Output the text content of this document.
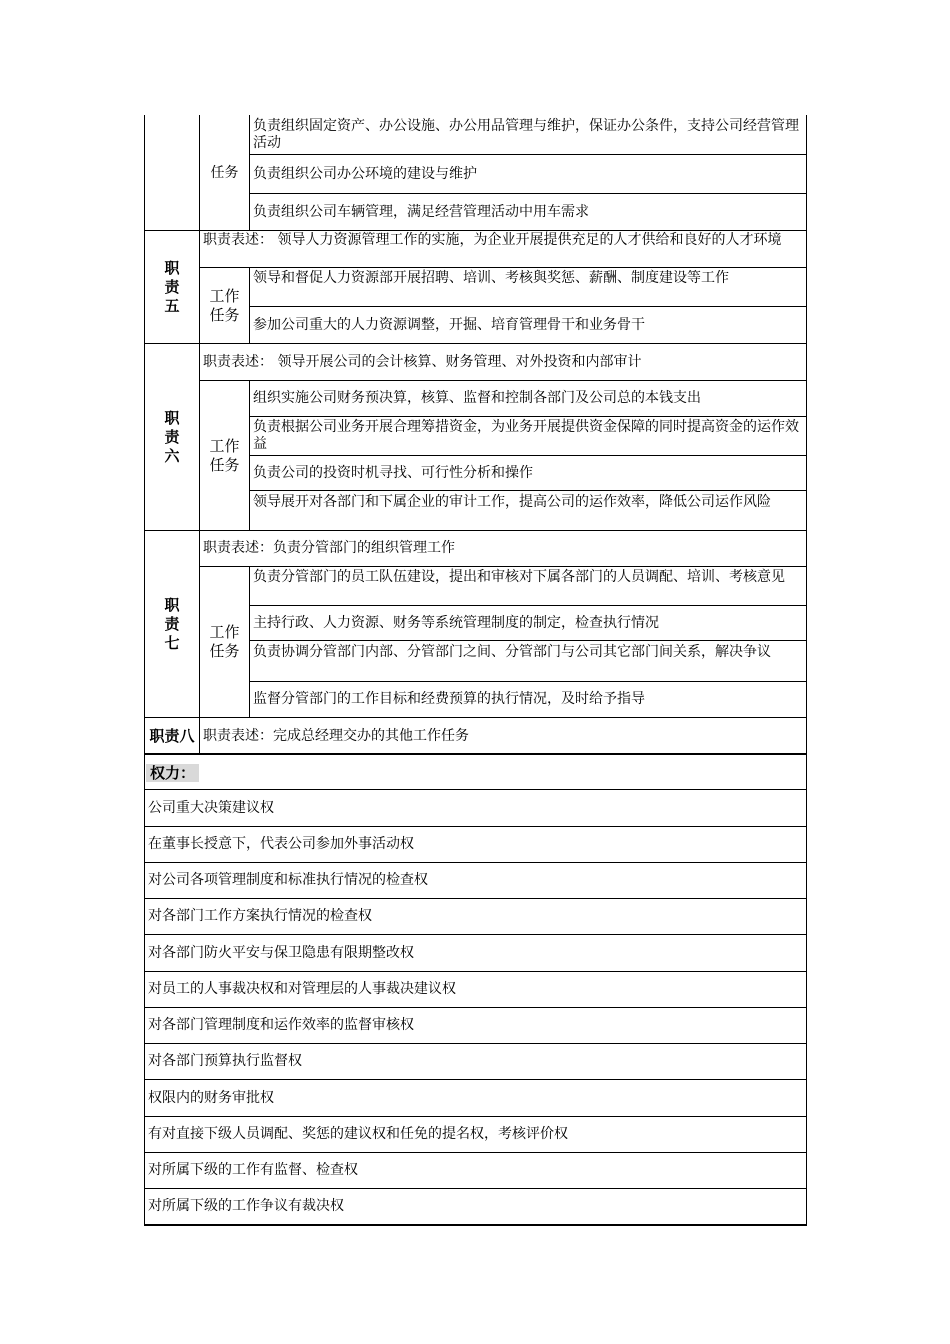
任务
负责组织固定资产、办公设施、办公用品管理与维护，保证办公条件，支持公司经营管理活动
负责组织公司办公环境的建设与维护
负责组织公司车辆管理，满足经营管理活动中用车需求
职
责
五
职责表述： 领导人力资源管理工作的实施，为企业开展提供充足的人才供给和良好的人才环境
工作
任务
领导和督促人力资源部开展招聘、培训、考核與奖惩、薪酬、制度建设等工作
参加公司重大的人力资源调整，开掘、培育管理骨干和业务骨干
职
责
六
职责表述： 领导开展公司的会计核算、财务管理、对外投资和内部审计
工作
任务
组织实施公司财务预决算，核算、监督和控制各部门及公司总的本钱支出
负责根据公司业务开展合理筹措资金，为业务开展提供资金保障的同时提高资金的运作效益
负责公司的投资时机寻找、可行性分析和操作
领导展开对各部门和下属企业的审计工作，提高公司的运作效率，降低公司运作风险
职
责
七
职责表述：负责分管部门的组织管理工作
工作
任务
负责分管部门的员工队伍建设，提出和审核对下属各部门的人员调配、培训、考核意见
主持行政、人力资源、财务等系统管理制度的制定，检查执行情况
负责协调分管部门内部、分管部门之间、分管部门与公司其它部门间关系，解决争议
监督分管部门的工作目标和经费预算的执行情况，及时给予指导
职责八 职责表述：完成总经理交办的其他工作任务
权力：
公司重大决策建议权
在董事长授意下，代表公司参加外事活动权
对公司各项管理制度和标准执行情况的检查权
对各部门工作方案执行情况的检查权
对各部门防火平安与保卫隐患有限期整改权
对员工的人事裁决权和对管理层的人事裁决建议权
对各部门管理制度和运作效率的监督审核权
对各部门预算执行监督权
权限内的财务审批权
有对直接下级人员调配、奖惩的建议权和任免的提名权，考核评价权
对所属下级的工作有监督、检查权
对所属下级的工作争议有裁决权
